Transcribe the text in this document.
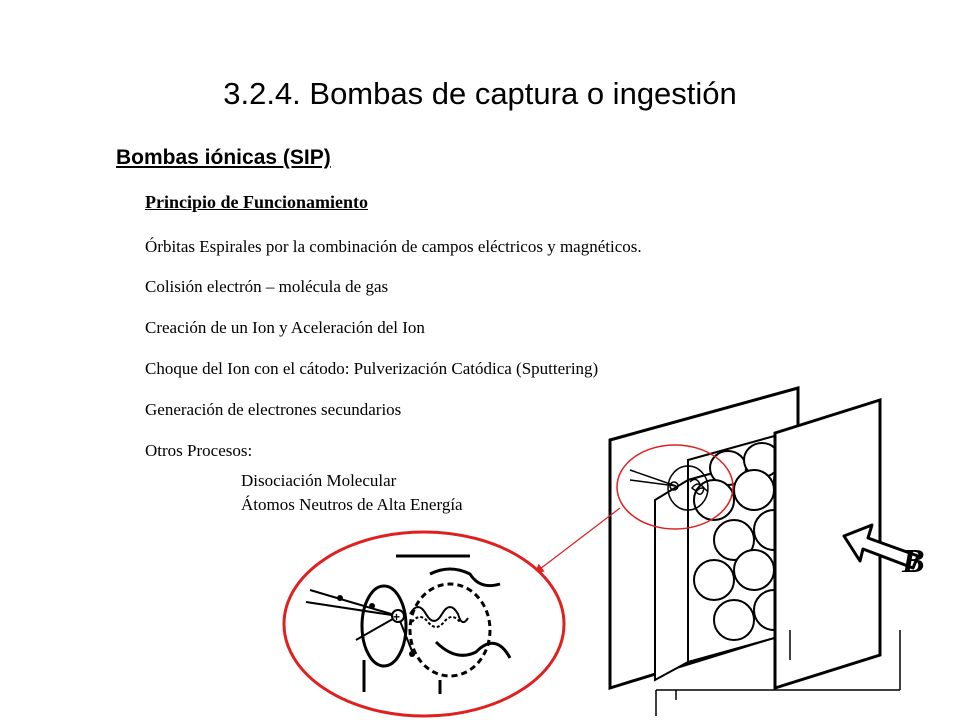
3.2.4. Bombas de captura o ingestión
Bombas iónicas (SIP)
Principio de Funcionamiento
Órbitas Espirales por la combinación de campos eléctricos y magnéticos.
Colisión electrón – molécula de gas
Creación de un Ion y Aceleración del Ion
Choque del Ion con el cátodo: Pulverización Catódica (Sputtering)
Generación de electrones secundarios
Otros Procesos:
Disociación Molecular
Átomos Neutros de Alta Energía
B
+
